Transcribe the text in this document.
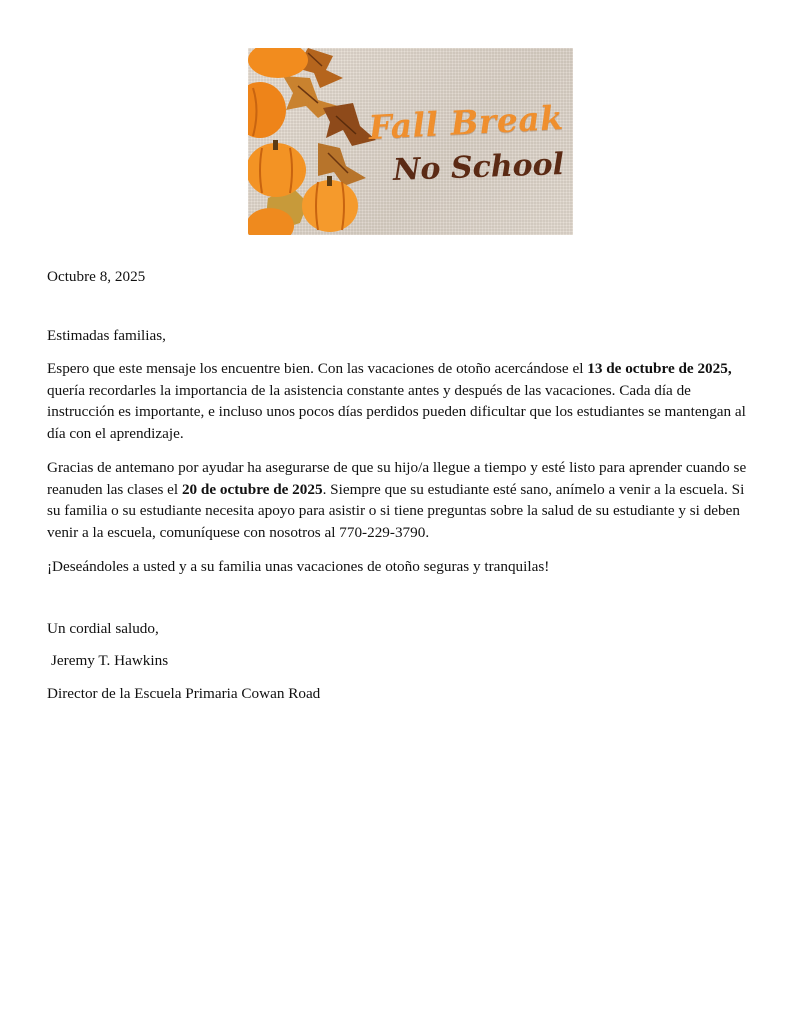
Fall Break
No School

Octubre 8, 2025

Estimadas familias,

Espero que este mensaje los encuentre bien. Con las vacaciones de otoño acercándose el 13 de octubre de 2025, quería recordarles la importancia de la asistencia constante antes y después de las vacaciones. Cada día de instrucción es importante, e incluso unos pocos días perdidos pueden dificultar que los estudiantes se mantengan al día con el aprendizaje.

Gracias de antemano por ayudar ha asegurarse de que su hijo/a llegue a tiempo y esté listo para aprender cuando se reanuden las clases el 20 de octubre de 2025. Siempre que su estudiante esté sano, anímelo a venir a la escuela. Si su familia o su estudiante necesita apoyo para asistir o si tiene preguntas sobre la salud de su estudiante y si deben venir a la escuela, comuníquese con nosotros al 770-229-3790.

¡Deseándoles a usted y a su familia unas vacaciones de otoño seguras y tranquilas!

Un cordial saludo,

Jeremy T. Hawkins

Director de la Escuela Primaria Cowan Road
